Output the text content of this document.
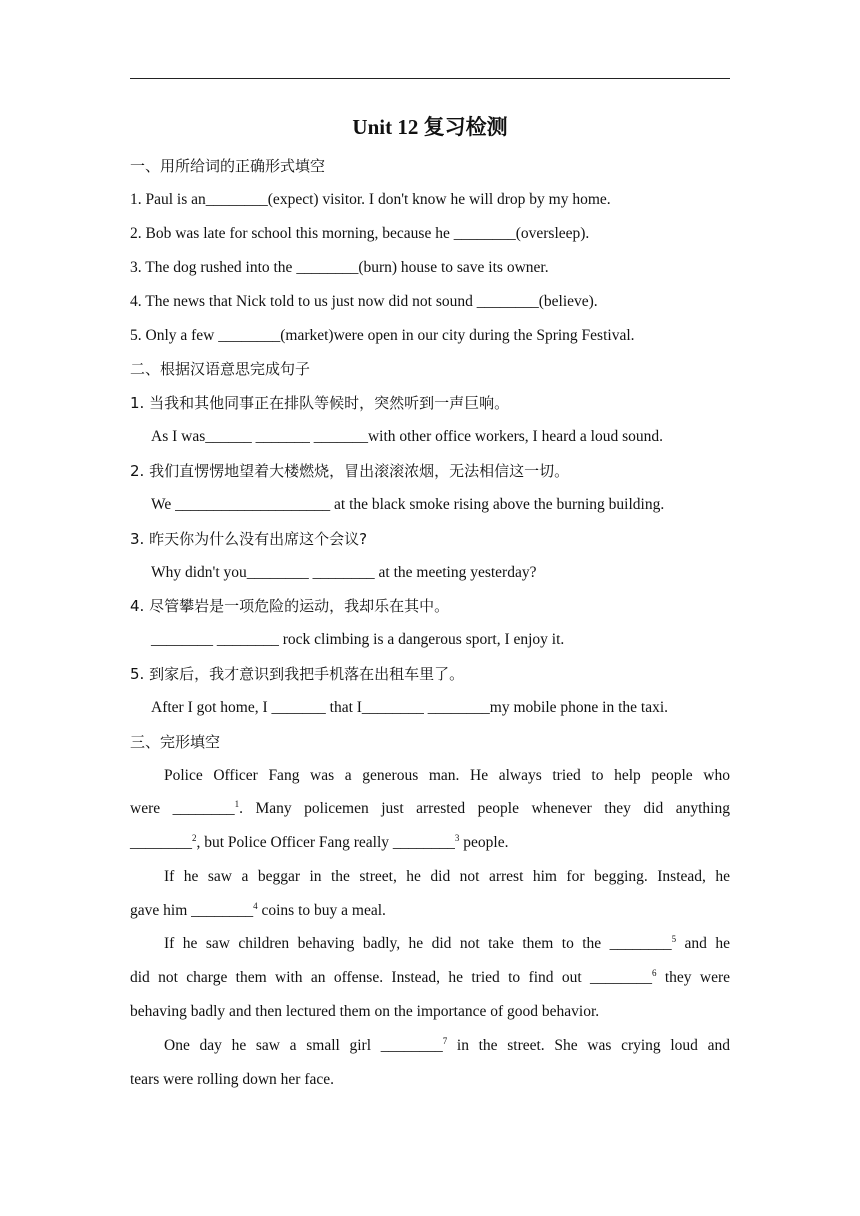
Unit 12 复习检测
一、用所给词的正确形式填空
1. Paul is an________(expect) visitor. I don't know he will drop by my home.
2. Bob was late for school this morning, because he ________(oversleep).
3. The dog rushed into the ________(burn) house to save its owner.
4. The news that Nick told to us just now did not sound ________(believe).
5. Only a few ________(market)were open in our city during the Spring Festival.
二、根据汉语意思完成句子
1. 当我和其他同事正在排队等候时，突然听到一声巨响。
As I was______ _______ _______with other office workers, I heard a loud sound.
2. 我们直愣愣地望着大楼燃烧，冒出滚滚浓烟，无法相信这一切。
We ____________________ at the black smoke rising above the burning building.
3. 昨天你为什么没有出席这个会议?
Why didn't you________ ________ at the meeting yesterday?
4. 尽管攀岩是一项危险的运动，我却乐在其中。
________ ________ rock climbing is a dangerous sport, I enjoy it.
5. 到家后，我才意识到我把手机落在出租车里了。
After I got home, I _______ that I________ ________my mobile phone in the taxi.
三、完形填空
Police Officer Fang was a generous man. He always tried to help people who
were ________$^1$. Many policemen just arrested people whenever they did anything
________$^2$, but Police Officer Fang really ________$^3$ people.
If he saw a beggar in the street, he did not arrest him for begging. Instead, he
gave him ________$^4$ coins to buy a meal.
If he saw children behaving badly, he did not take them to the ________$^5$ and he
did not charge them with an offense. Instead, he tried to find out ________$^6$ they were
behaving badly and then lectured them on the importance of good behavior.
One day he saw a small girl ________$^7$ in the street. She was crying loud and
tears were rolling down her face.
